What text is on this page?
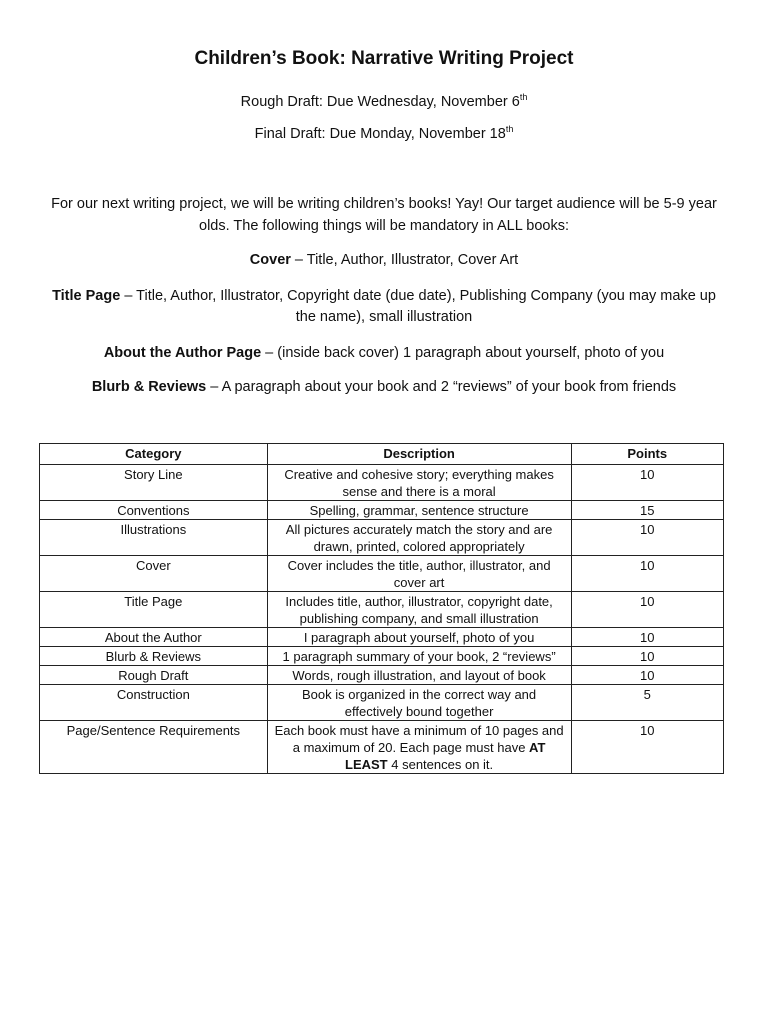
Children’s Book: Narrative Writing Project
Rough Draft: Due Wednesday, November 6th
Final Draft: Due Monday, November 18th
For our next writing project, we will be writing children’s books! Yay! Our target audience will be 5-9 year olds. The following things will be mandatory in ALL books:
Cover – Title, Author, Illustrator, Cover Art
Title Page – Title, Author, Illustrator, Copyright date (due date), Publishing Company (you may make up the name), small illustration
About the Author Page – (inside back cover) 1 paragraph about yourself, photo of you
Blurb & Reviews – A paragraph about your book and 2 “reviews” of your book from friends
Category	Description	Points
Story Line	Creative and cohesive story; everything makes sense and there is a moral	10
Conventions	Spelling, grammar, sentence structure	15
Illustrations	All pictures accurately match the story and are drawn, printed, colored appropriately	10
Cover	Cover includes the title, author, illustrator, and cover art	10
Title Page	Includes title, author, illustrator, copyright date, publishing company, and small illustration	10
About the Author	I paragraph about yourself, photo of you	10
Blurb & Reviews	1 paragraph summary of your book, 2 “reviews”	10
Rough Draft	Words, rough illustration, and layout of book	10
Construction	Book is organized in the correct way and effectively bound together	5
Page/Sentence Requirements	Each book must have a minimum of 10 pages and a maximum of 20. Each page must have AT LEAST 4 sentences on it.	10
